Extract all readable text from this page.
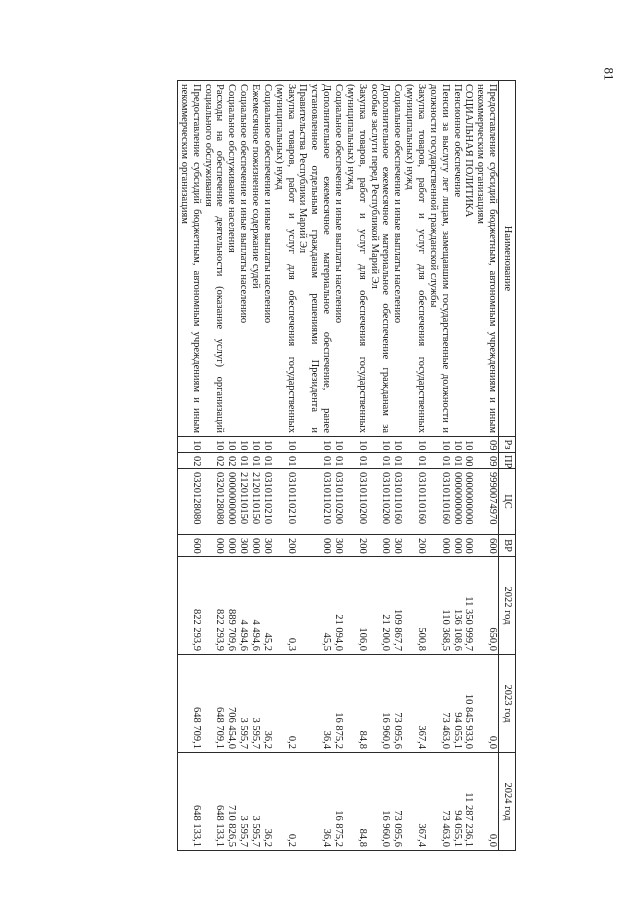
81
Наименование	Рз	ПР	ЦС	ВР	2022 год	2023 год	2024 год
Предоставление субсидий бюджетным, автономным учреждениям и иным некоммерческим организациям	09	09	9990074970	600	650,0	0,0	0,0
СОЦИАЛЬНАЯ ПОЛИТИКА	10	00	0000000000	000	11 350 999,7	10 845 933,0	11 287 236,1
Пенсионное обеспечение	10	01	0000000000	000	136 108,6	94 055,1	94 055,1
Пенсии за выслугу лет лицам, замещавшим государственные должности и должности государственной гражданской службы	10	01	0310110160	000	110 368,5	73 463,0	73 463,0
Закупка товаров, работ и услуг для обеспечения государственных (муниципальных) нужд	10	01	0310110160	200	500,8	367,4	367,4
Социальное обеспечение и иные выплаты населению	10	01	0310110160	300	109 867,7	73 095,6	73 095,6
Дополнительное ежемесячное материальное обеспечение гражданам за особые заслуги перед Республикой Марий Эл	10	01	0310110200	000	21 200,0	16 960,0	16 960,0
Закупка товаров, работ и услуг для обеспечения государственных (муниципальных) нужд	10	01	0310110200	200	106,0	84,8	84,8
Социальное обеспечение и иные выплаты населению	10	01	0310110200	300	21 094,0	16 875,2	16 875,2
Дополнительное ежемесячное материальное обеспечение, ранее установленное отдельным гражданам решениями Президента и Правительства Республики Марий Эл	10	01	0310110210	000	45,5	36,4	36,4
Закупка товаров, работ и услуг для обеспечения государственных (муниципальных) нужд	10	01	0310110210	200	0,3	0,2	0,2
Социальное обеспечение и иные выплаты населению	10	01	0310110210	300	45,2	36,2	36,2
Ежемесячное пожизненное содержание судей	10	01	2120110150	000	4 494,6	3 595,7	3 595,7
Социальное обеспечение и иные выплаты населению	10	01	2120110150	300	4 494,6	3 595,7	3 595,7
Социальное обслуживание населения	10	02	0000000000	000	889 709,6	706 454,0	710 826,5
Расходы на обеспечение деятельности (оказание услуг) организаций социального обслуживания	10	02	0320128080	000	822 293,9	648 709,1	648 133,1
Предоставление субсидий бюджетным, автономным учреждениям и иным некоммерческим организациям	10	02	0320128080	600	822 293,9	648 709,1	648 133,1
